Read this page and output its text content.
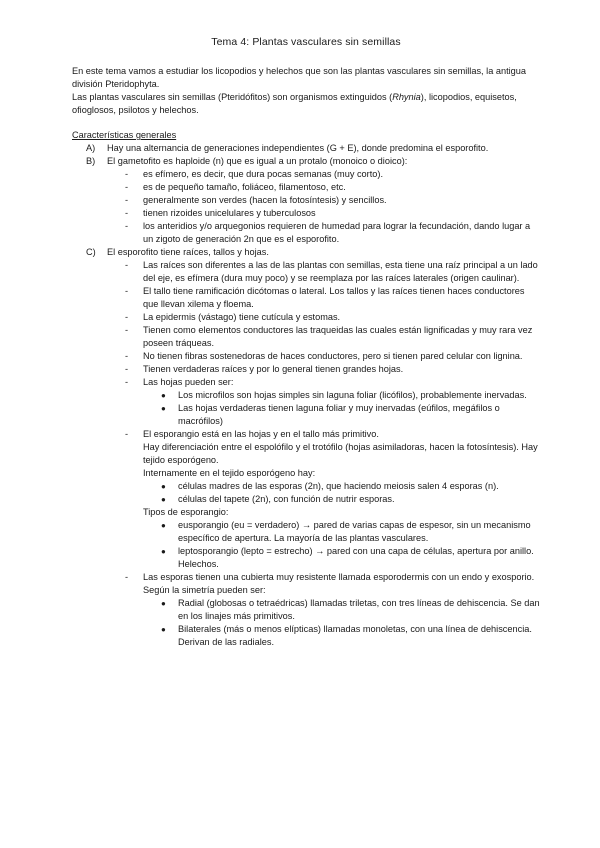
Tema 4: Plantas vasculares sin semillas

En este tema vamos a estudiar los licopodios y helechos que son las plantas vasculares sin semillas, la antigua división Pteridophyta.

Las plantas vasculares sin semillas (Pteridófitos) son organismos extinguidos (Rhynia), licopodios, equisetos, ofioglosos, psilotos y helechos.

Características generales

A)	Hay una alternancia de generaciones independientes (G + E), donde predomina el esporofito.
B)	El gametofito es haploide (n) que es igual a un protalo (monoico o dioico):
-	es efímero, es decir, que dura pocas semanas (muy corto).
-	es de pequeño tamaño, foliáceo, filamentoso, etc.
-	generalmente son verdes (hacen la fotosíntesis) y sencillos.
-	tienen rizoides unicelulares y tuberculosos
-	los anteridios y/o arquegonios requieren de humedad para lograr la fecundación, dando lugar a un zigoto de generación 2n que es el esporofito.
C)	El esporofito tiene raíces, tallos y hojas.
-	Las raíces son diferentes a las de las plantas con semillas, esta tiene una raíz principal a un lado del eje, es efímera (dura muy poco) y se reemplaza por las raíces laterales (origen caulinar).
-	El tallo tiene ramificación dicótomas o lateral. Los tallos y las raíces tienen haces conductores que llevan xilema y floema.
-	La epidermis (vástago) tiene cutícula y estomas.
-	Tienen como elementos conductores las traqueidas las cuales están lignificadas y muy rara vez poseen tráqueas.
-	No tienen fibras sostenedoras de haces conductores, pero si tienen pared celular con lignina.
-	Tienen verdaderas raíces y por lo general tienen grandes hojas.
-	Las hojas pueden ser:
●	Los microfilos son hojas simples sin laguna foliar (licófilos), probablemente inervadas.
●	Las hojas verdaderas tienen laguna foliar y muy inervadas (eúfilos, megáfilos o macrófilos)
-	El esporangio está en las hojas y en el tallo más primitivo.
Hay diferenciación entre el espolófilo y el trotófilo (hojas asimiladoras, hacen la fotosíntesis). Hay tejido esporógeno.
Internamente en el tejido esporógeno hay:
●	células madres de las esporas (2n), que haciendo meiosis salen 4 esporas (n).
●	células del tapete (2n), con función de nutrir esporas.
Tipos de esporangio:
●	eusporangio (eu = verdadero) → pared de varias capas de espesor, sin un mecanismo específico de apertura. La mayoría de las plantas vasculares.
●	leptosporangio (lepto = estrecho) → pared con una capa de células, apertura por anillo. Helechos.
-	Las esporas tienen una cubierta muy resistente llamada esporodermis con un endo y exosporio.
Según la simetría pueden ser:
●	Radial (globosas o tetraédricas) llamadas triletas, con tres líneas de dehiscencia. Se dan en los linajes más primitivos.
●	Bilaterales (más o menos elípticas) llamadas monoletas, con una línea de dehiscencia. Derivan de las radiales.
